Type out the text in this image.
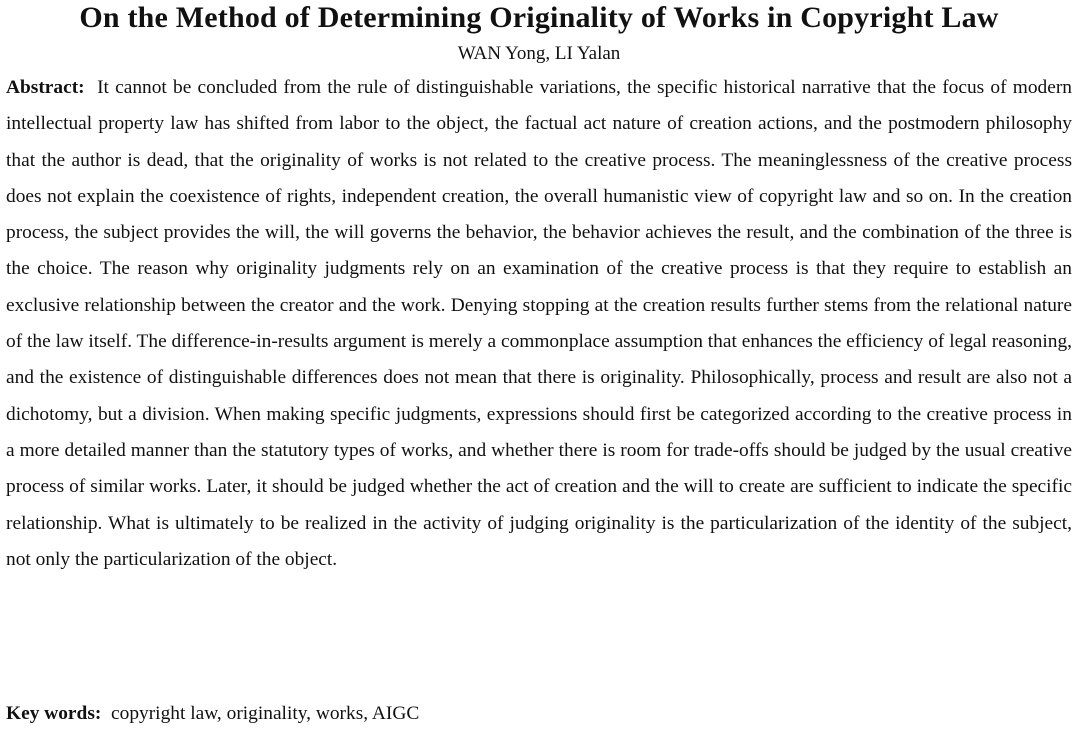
On the Method of Determining Originality of Works in Copyright Law
WAN Yong, LI Yalan

Abstract: It cannot be concluded from the rule of distinguishable variations, the specific historical narrative that the focus of modern intellectual property law has shifted from labor to the object, the factual act nature of creation actions, and the postmodern philosophy that the author is dead, that the originality of works is not related to the creative process. The meaninglessness of the creative process does not explain the coexistence of rights, independent creation, the overall humanistic view of copyright law and so on. In the creation process, the subject provides the will, the will governs the behavior, the behavior achieves the result, and the combination of the three is the choice. The reason why originality judgments rely on an examination of the creative process is that they require to establish an exclusive relationship between the creator and the work. Denying stopping at the creation results further stems from the relational nature of the law itself. The difference-in-results argument is merely a commonplace assumption that enhances the efficiency of legal reasoning, and the existence of distinguishable differences does not mean that there is originality. Philosophically, process and result are also not a dichotomy, but a division. When making specific judgments, expressions should first be categorized according to the creative process in a more detailed manner than the statutory types of works, and whether there is room for trade-offs should be judged by the usual creative process of similar works. Later, it should be judged whether the act of creation and the will to create are sufficient to indicate the specific relationship. What is ultimately to be realized in the activity of judging originality is the particularization of the identity of the subject, not only the particularization of the object.

Key words: copyright law, originality, works, AIGC
